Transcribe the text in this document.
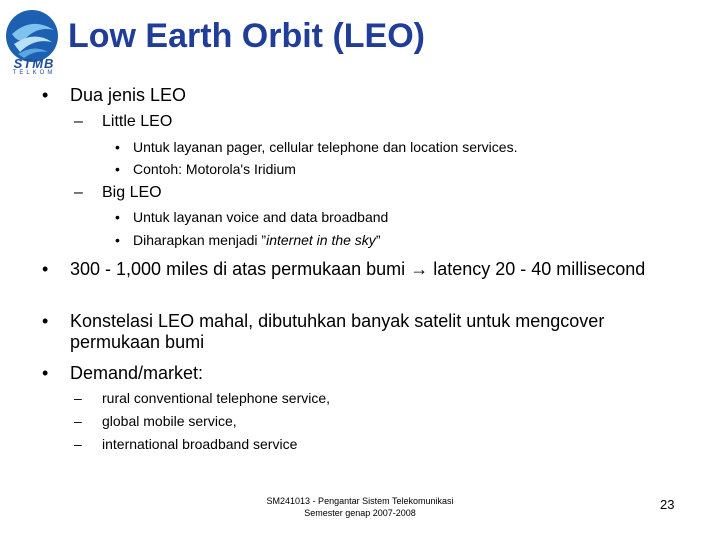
STMB
TELKOM
Low Earth Orbit (LEO)
• Dua jenis LEO
– Little LEO
• Untuk layanan pager, cellular telephone dan location services.
• Contoh: Motorola's Iridium
– Big LEO
• Untuk layanan voice and data broadband
• Diharapkan menjadi ”internet in the sky”
• 300 - 1,000 miles di atas permukaan bumi → latency 20 - 40 millisecond
• Konstelasi LEO mahal, dibutuhkan banyak satelit untuk mengcover permukaan bumi
• Demand/market:
– rural conventional telephone service,
– global mobile service,
– international broadband service
SM241013 - Pengantar Sistem Telekomunikasi
Semester genap 2007-2008
23
